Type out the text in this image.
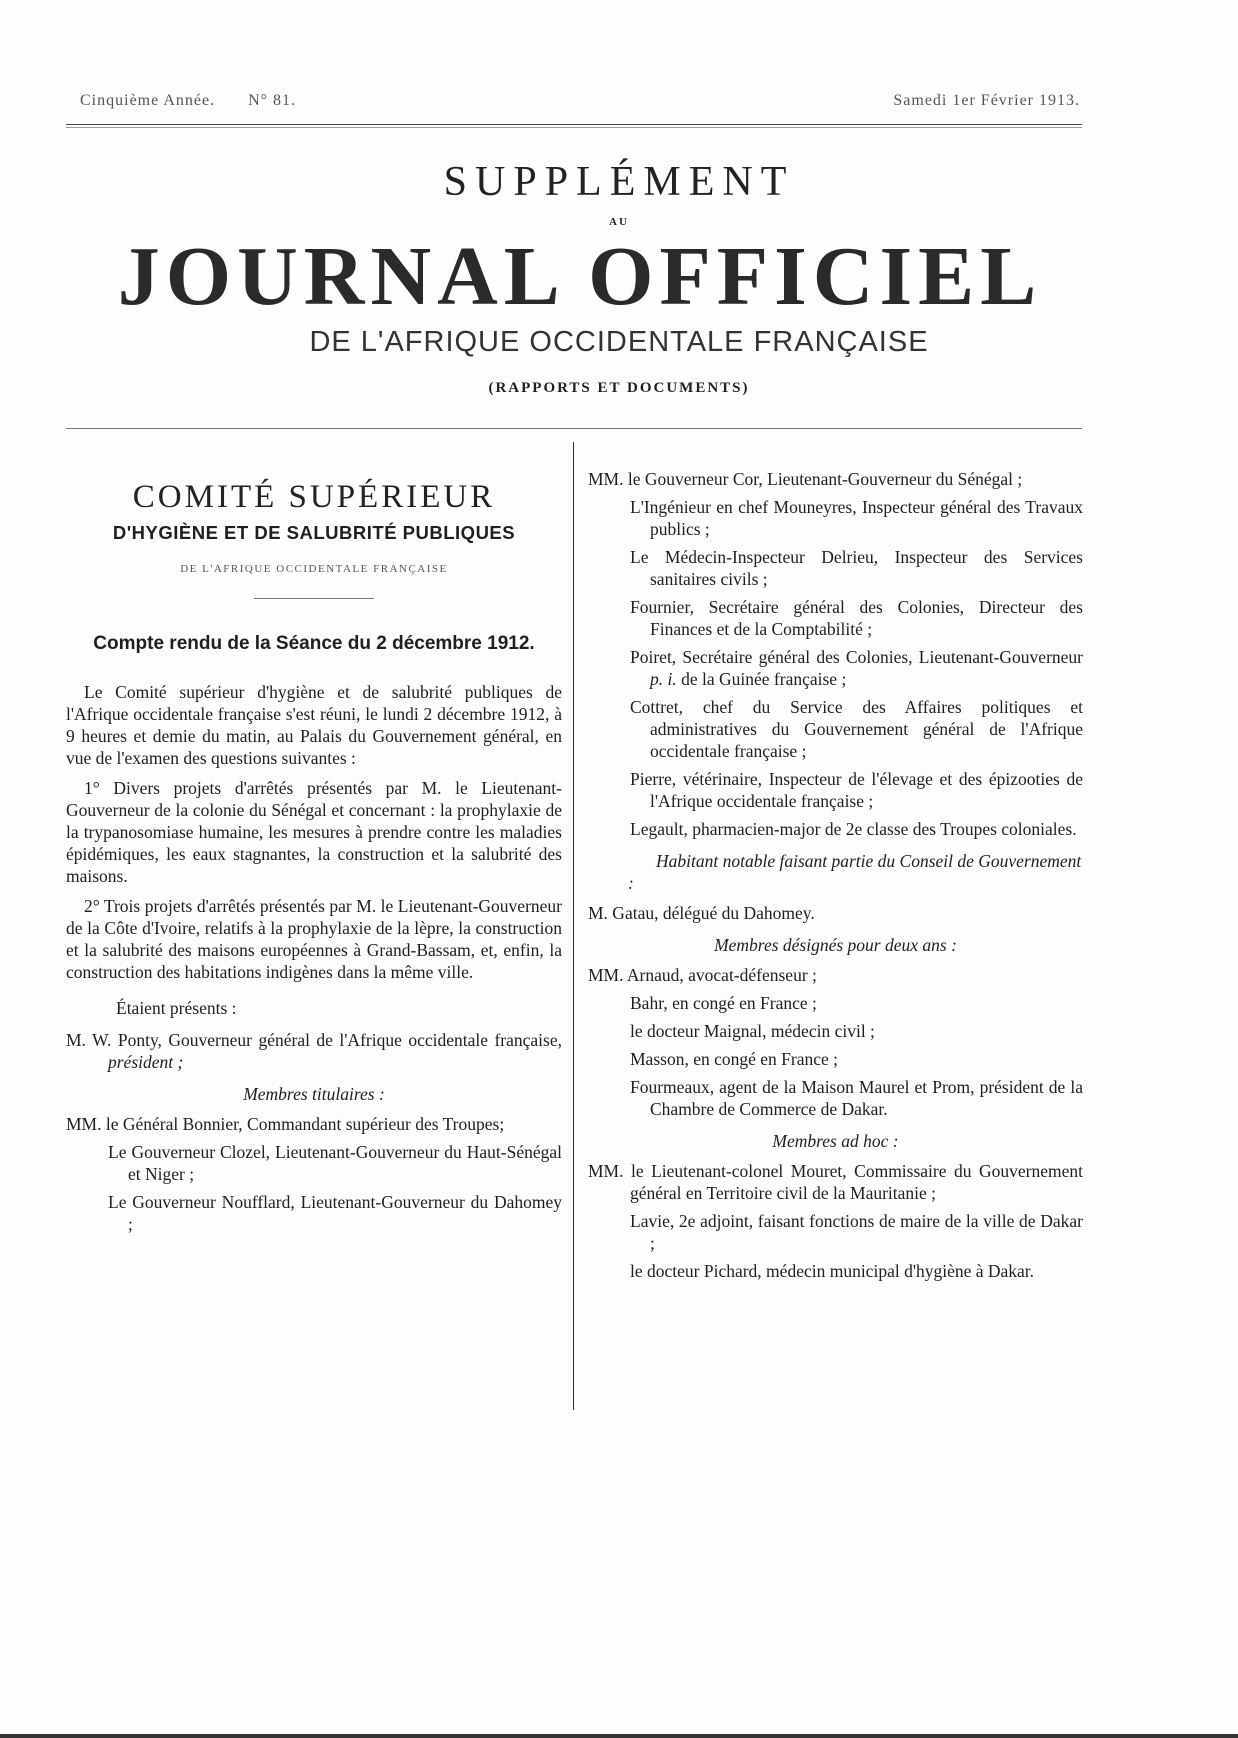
Cinquième Année. N° 81.	Samedi 1er Février 1913.
SUPPLÉMENT
AU
JOURNAL OFFICIEL
DE L'AFRIQUE OCCIDENTALE FRANÇAISE
(RAPPORTS ET DOCUMENTS)
COMITÉ SUPÉRIEUR
D'HYGIÈNE ET DE SALUBRITÉ PUBLIQUES
DE L'AFRIQUE OCCIDENTALE FRANÇAISE
Compte rendu de la Séance du 2 décembre 1912.

Le Comité supérieur d'hygiène et de salubrité publiques de l'Afrique occidentale française s'est réuni, le lundi 2 décembre 1912, à 9 heures et demie du matin, au Palais du Gouvernement général, en vue de l'examen des questions suivantes :

1° Divers projets d'arrêtés présentés par M. le Lieutenant-Gouverneur de la colonie du Sénégal et concernant : la prophylaxie de la trypanosomiase humaine, les mesures à prendre contre les maladies épidémiques, les eaux stagnantes, la construction et la salubrité des maisons.

2° Trois projets d'arrêtés présentés par M. le Lieutenant-Gouverneur de la Côte d'Ivoire, relatifs à la prophylaxie de la lèpre, la construction et la salubrité des maisons européennes à Grand-Bassam, et, enfin, la construction des habitations indigènes dans la même ville.

Étaient présents :

M. W. Ponty, Gouverneur général de l'Afrique occidentale française, président ;

Membres titulaires :

MM. le Général Bonnier, Commandant supérieur des Troupes;

Le Gouverneur Clozel, Lieutenant-Gouverneur du Haut-Sénégal et Niger ;

Le Gouverneur Noufflard, Lieutenant-Gouverneur du Dahomey ;

MM. le Gouverneur Cor, Lieutenant-Gouverneur du Sénégal ;

L'Ingénieur en chef Mouneyres, Inspecteur général des Travaux publics ;

Le Médecin-Inspecteur Delrieu, Inspecteur des Services sanitaires civils ;

Fournier, Secrétaire général des Colonies, Directeur des Finances et de la Comptabilité ;

Poiret, Secrétaire général des Colonies, Lieutenant-Gouverneur p. i. de la Guinée française ;

Cottret, chef du Service des Affaires politiques et administratives du Gouvernement général de l'Afrique occidentale française ;

Pierre, vétérinaire, Inspecteur de l'élevage et des épizooties de l'Afrique occidentale française ;

Legault, pharmacien-major de 2e classe des Troupes coloniales.

Habitant notable faisant partie du Conseil de Gouvernement :

M. Gatau, délégué du Dahomey.

Membres désignés pour deux ans :

MM. Arnaud, avocat-défenseur ;

Bahr, en congé en France ;

le docteur Maignal, médecin civil ;

Masson, en congé en France ;

Fourmeaux, agent de la Maison Maurel et Prom, président de la Chambre de Commerce de Dakar.

Membres ad hoc :

MM. le Lieutenant-colonel Mouret, Commissaire du Gouvernement général en Territoire civil de la Mauritanie ;

Lavie, 2e adjoint, faisant fonctions de maire de la ville de Dakar ;

le docteur Pichard, médecin municipal d'hygiène à Dakar.
